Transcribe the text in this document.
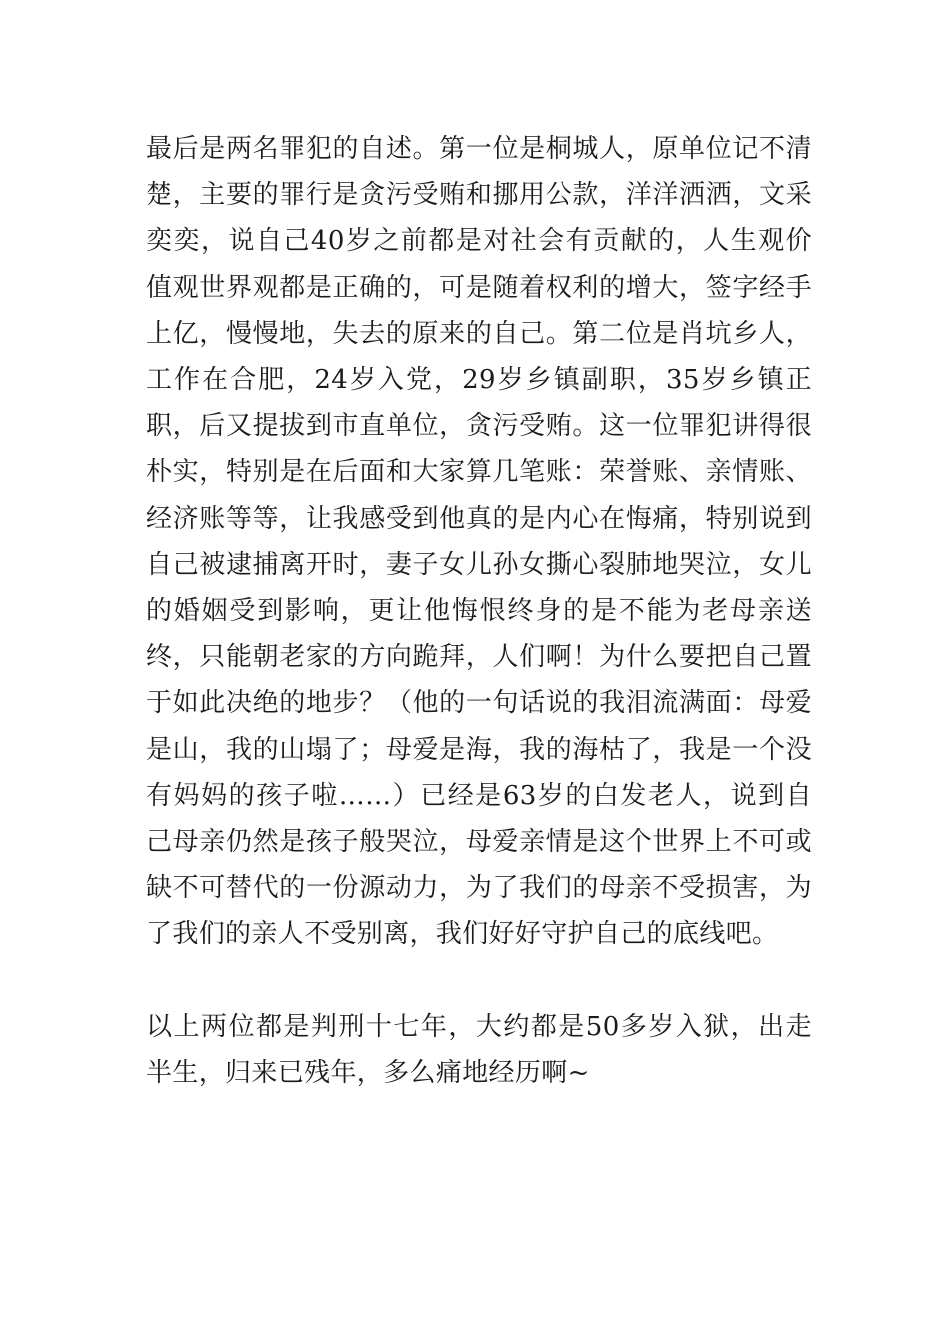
最后是两名罪犯的自述。第一位是桐城人，原单位记不清楚，主要的罪行是贪污受贿和挪用公款，洋洋洒洒，文采奕奕，说自己40岁之前都是对社会有贡献的，人生观价值观世界观都是正确的，可是随着权利的增大，签字经手上亿，慢慢地，失去的原来的自己。第二位是肖坑乡人，工作在合肥，24岁入党，29岁乡镇副职，35岁乡镇正职，后又提拔到市直单位，贪污受贿。这一位罪犯讲得很朴实，特别是在后面和大家算几笔账：荣誉账、亲情账、经济账等等，让我感受到他真的是内心在悔痛，特别说到自己被逮捕离开时，妻子女儿孙女撕心裂肺地哭泣，女儿的婚姻受到影响，更让他悔恨终身的是不能为老母亲送终，只能朝老家的方向跪拜，人们啊！为什么要把自己置于如此决绝的地步？（他的一句话说的我泪流满面：母爱是山，我的山塌了；母爱是海，我的海枯了，我是一个没有妈妈的孩子啦……）已经是63岁的白发老人，说到自己母亲仍然是孩子般哭泣，母爱亲情是这个世界上不可或缺不可替代的一份源动力，为了我们的母亲不受损害，为了我们的亲人不受别离，我们好好守护自己的底线吧。

以上两位都是判刑十七年，大约都是50多岁入狱，出走半生，归来已残年，多么痛地经历啊~
